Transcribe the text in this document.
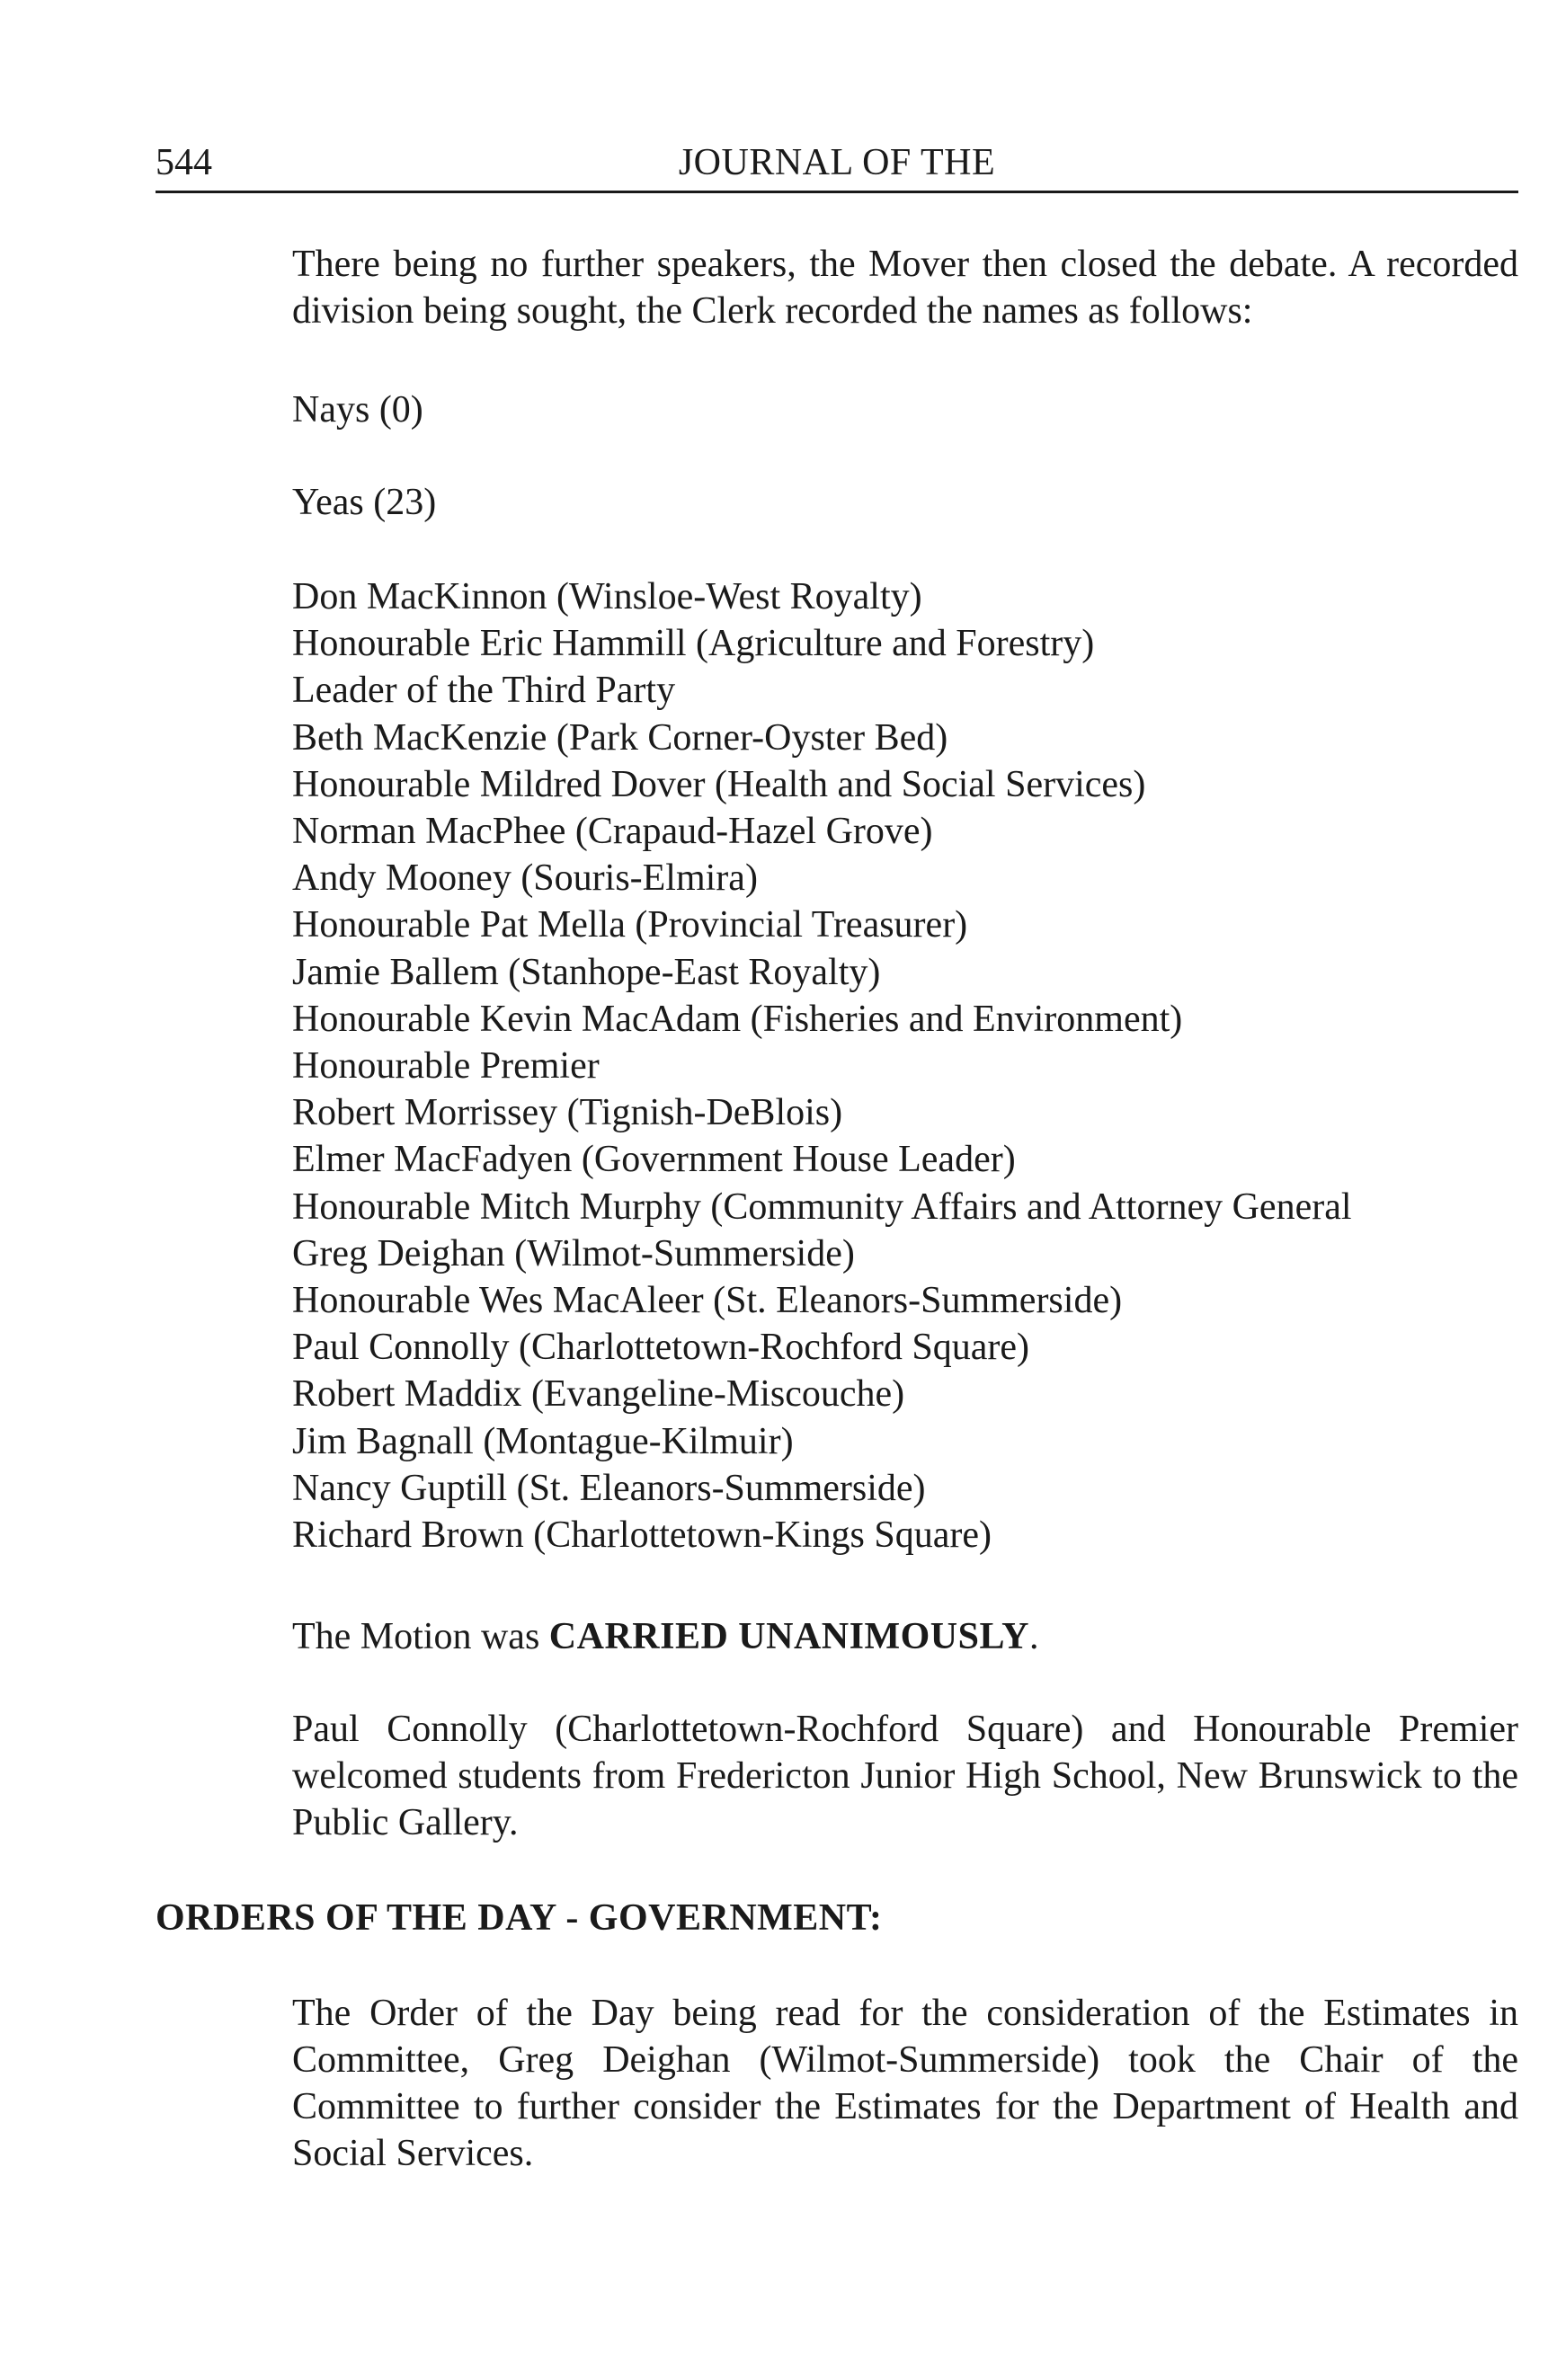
544	JOURNAL OF THE

There being no further speakers, the Mover then closed the debate. A recorded division being sought, the Clerk recorded the names as follows:

Nays (0)

Yeas (23)

Don MacKinnon (Winsloe-West Royalty)
Honourable Eric Hammill (Agriculture and Forestry)
Leader of the Third Party
Beth MacKenzie (Park Corner-Oyster Bed)
Honourable Mildred Dover (Health and Social Services)
Norman MacPhee (Crapaud-Hazel Grove)
Andy Mooney (Souris-Elmira)
Honourable Pat Mella (Provincial Treasurer)
Jamie Ballem (Stanhope-East Royalty)
Honourable Kevin MacAdam (Fisheries and Environment)
Honourable Premier
Robert Morrissey (Tignish-DeBlois)
Elmer MacFadyen (Government House Leader)
Honourable Mitch Murphy (Community Affairs and Attorney General
Greg Deighan (Wilmot-Summerside)
Honourable Wes MacAleer (St. Eleanors-Summerside)
Paul Connolly (Charlottetown-Rochford Square)
Robert Maddix (Evangeline-Miscouche)
Jim Bagnall (Montague-Kilmuir)
Nancy Guptill (St. Eleanors-Summerside)
Richard Brown (Charlottetown-Kings Square)

The Motion was CARRIED UNANIMOUSLY.

Paul Connolly (Charlottetown-Rochford Square) and Honourable Premier welcomed students from Fredericton Junior High School, New Brunswick to the Public Gallery.

ORDERS OF THE DAY - GOVERNMENT:

The Order of the Day being read for the consideration of the Estimates in Committee, Greg Deighan (Wilmot-Summerside) took the Chair of the Committee to further consider the Estimates for the Department of Health and Social Services.
